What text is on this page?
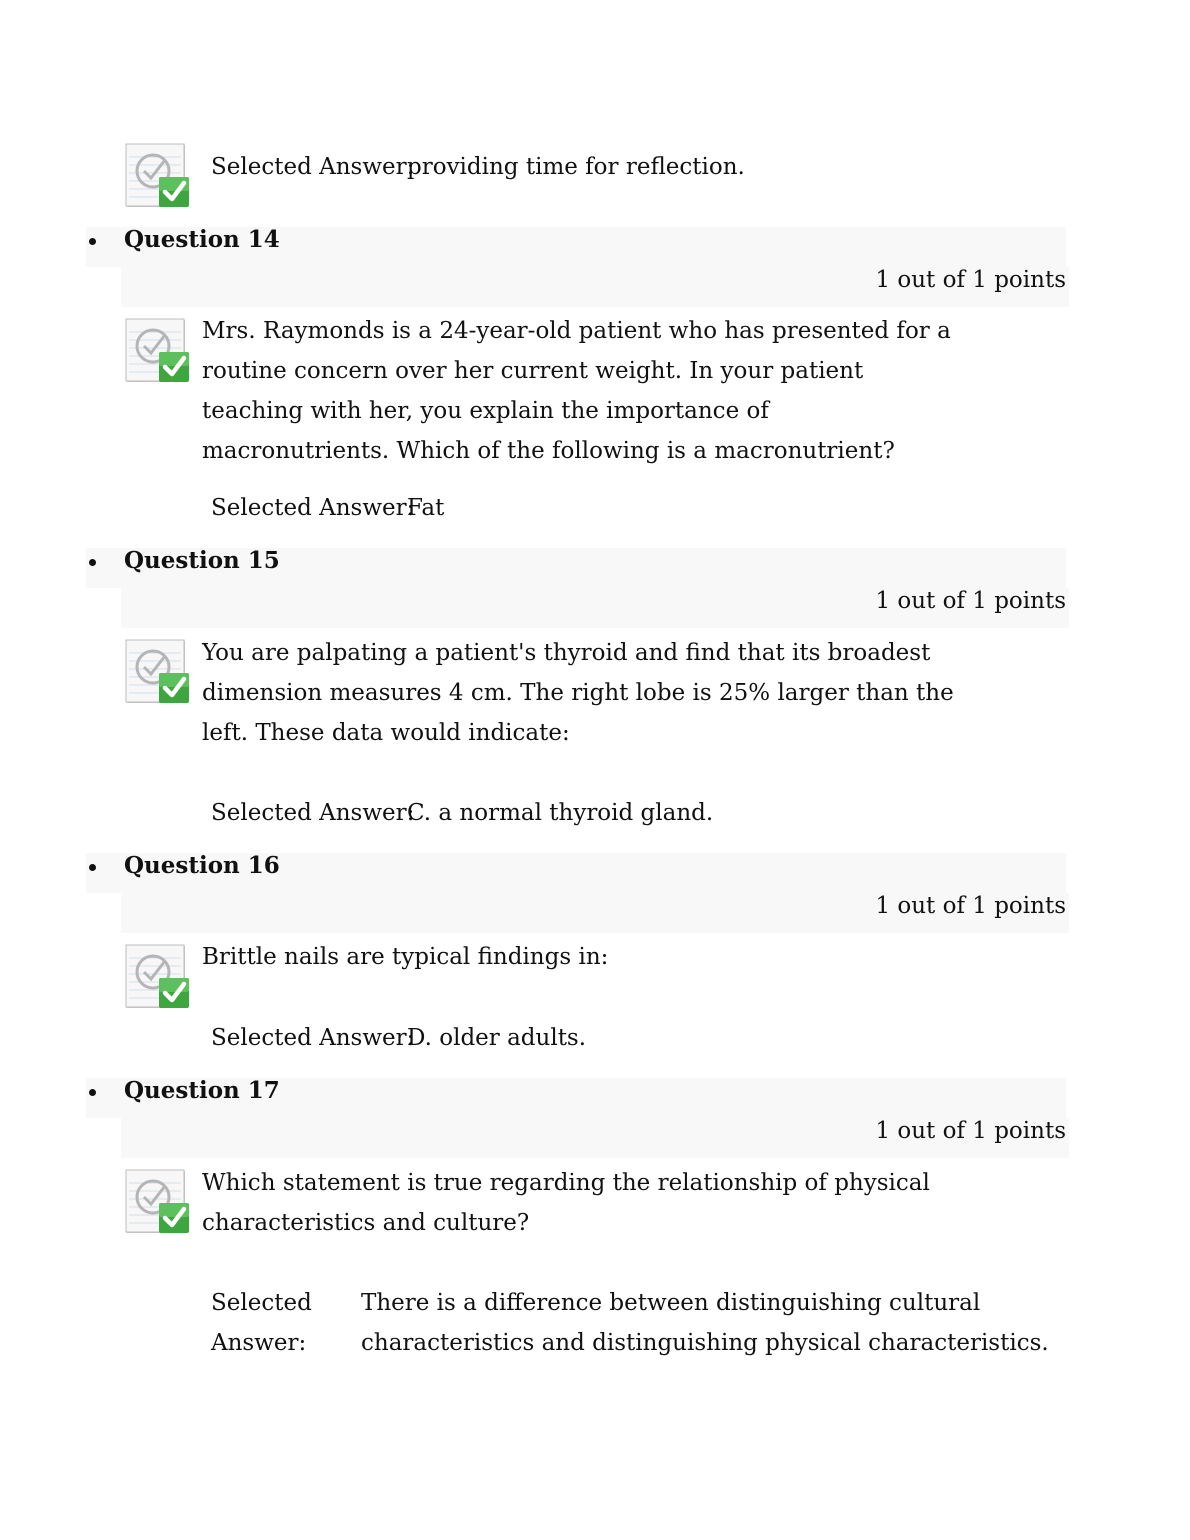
Selected Answer:
providing time for reflection.
Question 14
1 out of 1 points
Mrs. Raymonds is a 24-year-old patient who has presented for a routine concern over her current weight. In your patient teaching with her, you explain the importance of macronutrients. Which of the following is a macronutrient?
Selected Answer:
Fat
Question 15
1 out of 1 points
You are palpating a patient's thyroid and find that its broadest dimension measures 4 cm. The right lobe is 25% larger than the left. These data would indicate:
Selected Answer:
C. a normal thyroid gland.
Question 16
1 out of 1 points
Brittle nails are typical findings in:
Selected Answer:
D. older adults.
Question 17
1 out of 1 points
Which statement is true regarding the relationship of physical characteristics and culture?
Selected
Answer:
There is a difference between distinguishing cultural
characteristics and distinguishing physical characteristics.
